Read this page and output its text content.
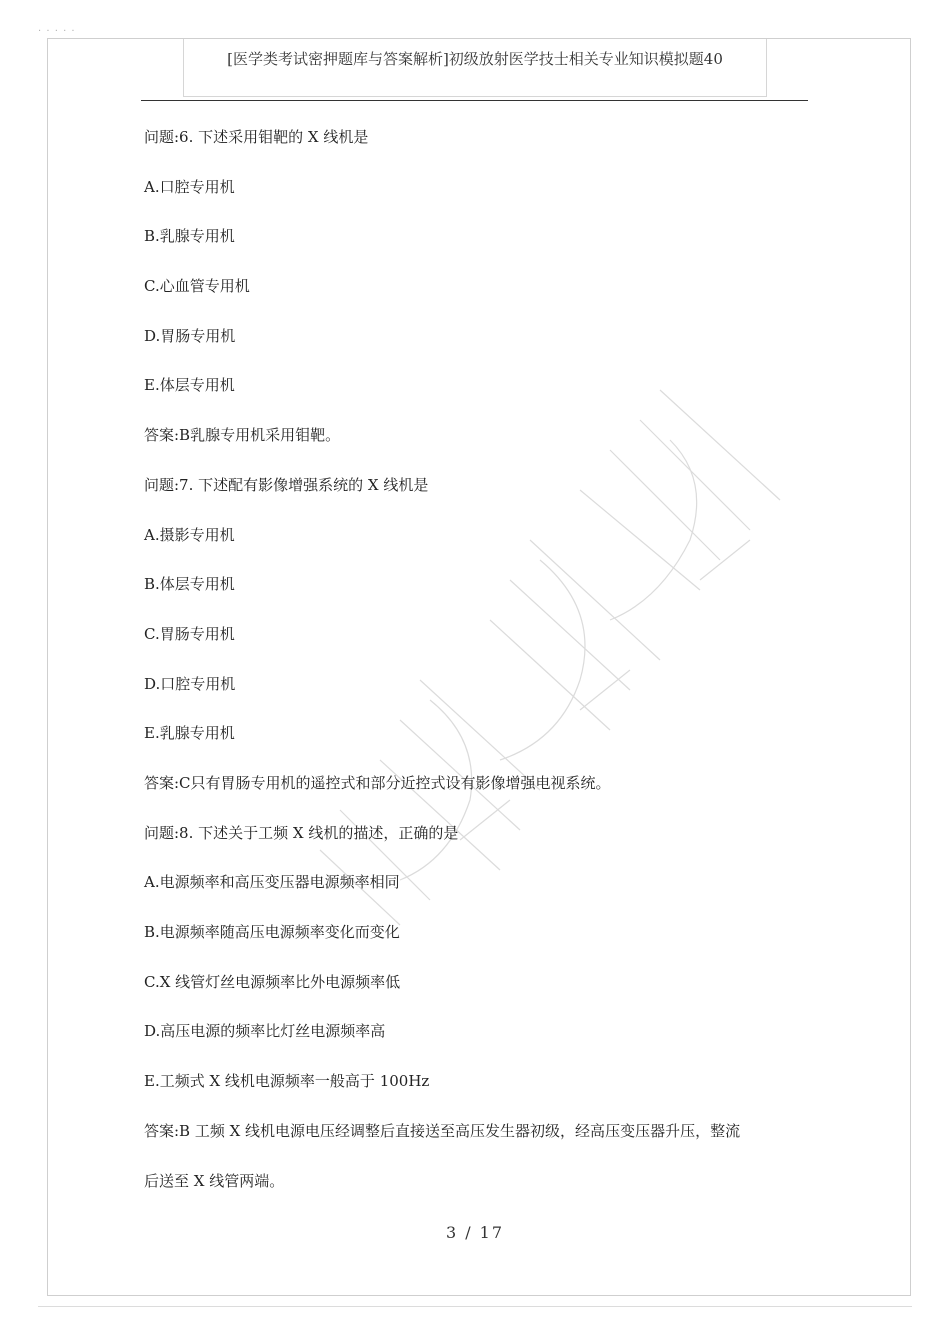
· · · · ·
[医学类考试密押题库与答案解析]初级放射医学技士相关专业知识模拟题40
问题:6. 下述采用钼靶的 X 线机是
A.口腔专用机
B.乳腺专用机
C.心血管专用机
D.胃肠专用机
E.体层专用机
答案:B乳腺专用机采用钼靶。
问题:7. 下述配有影像增强系统的 X 线机是
A.摄影专用机
B.体层专用机
C.胃肠专用机
D.口腔专用机
E.乳腺专用机
答案:C只有胃肠专用机的遥控式和部分近控式设有影像增强电视系统。
问题:8. 下述关于工频 X 线机的描述，正确的是
A.电源频率和高压变压器电源频率相同
B.电源频率随高压电源频率变化而变化
C.X 线管灯丝电源频率比外电源频率低
D.高压电源的频率比灯丝电源频率高
E.工频式 X 线机电源频率一般高于 100Hz
答案:B 工频 X 线机电源电压经调整后直接送至高压发生器初级，经高压变压器升压，整流
后送至 X 线管两端。
3 / 17
